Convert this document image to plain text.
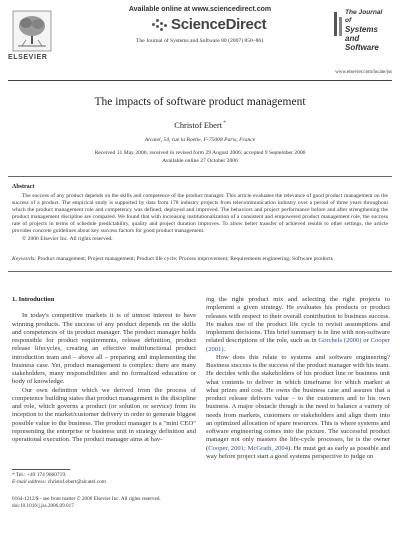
Available online at www.sciencedirect.com
ScienceDirect
The Journal of Systems and Software 80 (2007) 850–861
ELSEVIER
The Journal of
Systems and
Software
www.elsevier.com/locate/jss
The impacts of software product management
Christof Ebert *
Alcatel, 54, rue la Boetie, F-75008 Paris, France
Received 31 May 2006; received in revised form 29 August 2006; accepted 9 September 2006
Available online 27 October 2006
Abstract

The success of any product depends on the skills and competence of the product manager. This article evaluates the relevance of good product management on the success of a product. The empirical study is supported by data from 178 industry projects from telecommunication industry over a period of three years throughout which the product management role and competency was defined, deployed and improved. The behaviors and project performance before and after strengthening the product management discipline are compared. We found that with increasing institutionalization of a consistent and empowered product management role, the success rate of projects in terms of schedule predictability, quality and project duration improves. To allow better transfer of achieved results to other settings, the article provides concrete guidelines about key success factors for good product management.

© 2006 Elsevier Inc. All rights reserved.

Keywords: Product management; Project management; Product life cycle; Process improvement; Requirements engineering; Software products
1. Introduction

In today's competitive markets it is of utmost interest to have winning products. The success of any product depends on the skills and competences of its product manager. The product manager holds responsible for product requirements, release definition, product release lifecycles, creating an effective multifunctional product introduction team and – above all – preparing and implementing the business case. Yet, product management is complex: there are many stakeholders, many responsibilities and no formalized education or body of knowledge.

Our own definition which we derived from the process of competence building states that product management is the discipline and role, which governs a product (or solution or service) from its inception to the market/customer delivery in order to generate biggest possible value to the business. The product manager is a "mini CEO" representing the enterprise or business unit in strategy definition and operational execution. The product manager aims at hav-

ing the right product mix and selecting the right projects to implement a given strategy. He evaluates his products or product releases with respect to their overall contribution to business success. He makes use of the product life cycle to revisit assumptions and implement decisions. This brief summary is in line with non-software related descriptions of the role, such as in Gorchels (2006) or Cooper (2001).

How does this relate to systems and software engineering? Business success is the success of the product manager with his team. He decides with the stakeholders of his product line or business unit what contents to deliver in which timeframe for which market at what prizes and cost. He owns the business case and assures that a product release delivers value – to the customers and to his own business. A major obstacle though is the need to balance a variety of needs from markets, customers or stakeholders and align them into an optimized allocation of spare resources. This is where systems and software engineering comes into the picture. The successful product manager not only masters the life-cycle processes, he is the owner (Cooper, 2001; McGrath, 2004). He must get as early as possible and way before project start a good systems perspective to judge on

* Tel.: +49 174 9660719.
E-mail address: christof.ebert@alcatel.com
0164-1212/$ - see front matter © 2006 Elsevier Inc. All rights reserved.
doi:10.1016/j.jss.2006.09.017
